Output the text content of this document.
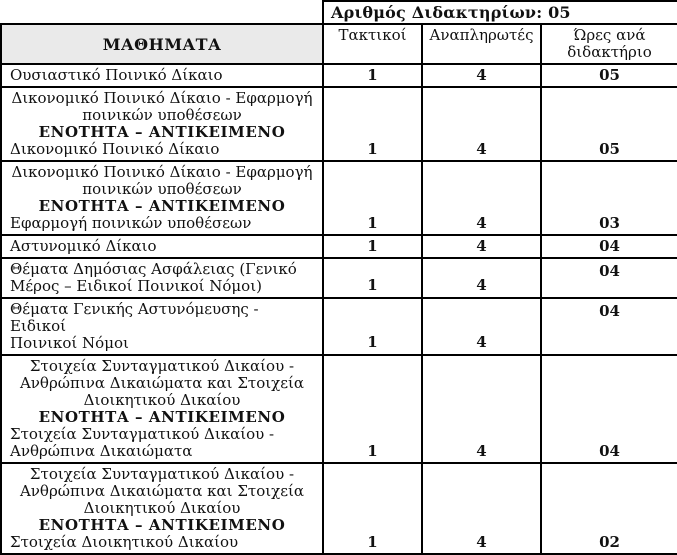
	Αριθμός Διδακτηρίων: 05		
ΜΑΘΗΜΑΤΑ	Τακτικοί	Αναπληρωτές	Ώρες ανά διδακτήριο

Ουσιαστικό Ποινικό Δίκαιο	1	4	05

Δικονομικό Ποινικό Δίκαιο - Εφαρμογή
ποινικών υποθέσεων
ΕΝΟΤΗΤΑ – ΑΝΤΙΚΕΙΜΕΝΟ
Δικονομικό Ποινικό Δίκαιο	1	4	05

Δικονομικό Ποινικό Δίκαιο - Εφαρμογή
ποινικών υποθέσεων
ΕΝΟΤΗΤΑ – ΑΝΤΙΚΕΙΜΕΝΟ
Εφαρμογή ποινικών υποθέσεων	1	4	03

Αστυνομικό Δίκαιο	1	4	04

Θέματα Δημόσιας Ασφάλειας (Γενικό
Μέρος – Ειδικοί Ποινικοί Νόμοι)	1	4	04

Θέματα Γενικής Αστυνόμευσης - Ειδικοί
Ποινικοί Νόμοι	1	4	04

Στοιχεία Συνταγματικού Δικαίου -
Ανθρώπινα Δικαιώματα και Στοιχεία
Διοικητικού Δικαίου
ΕΝΟΤΗΤΑ – ΑΝΤΙΚΕΙΜΕΝΟ
Στοιχεία Συνταγματικού Δικαίου -
Ανθρώπινα Δικαιώματα	1	4	04

Στοιχεία Συνταγματικού Δικαίου -
Ανθρώπινα Δικαιώματα και Στοιχεία
Διοικητικού Δικαίου
ΕΝΟΤΗΤΑ – ΑΝΤΙΚΕΙΜΕΝΟ
Στοιχεία Διοικητικού Δικαίου	1	4	02
